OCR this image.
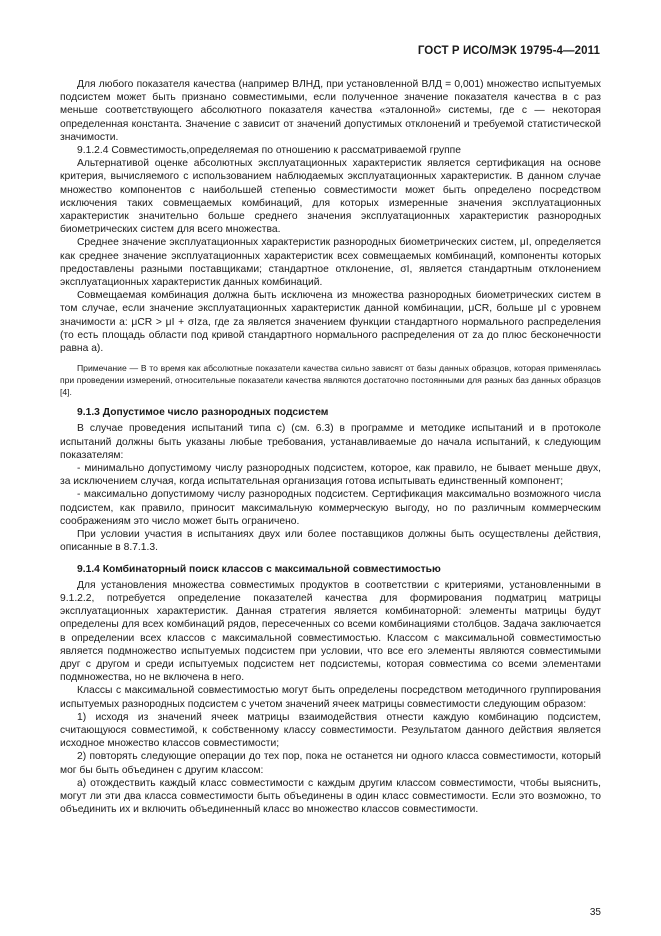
ГОСТ Р ИСО/МЭК 19795-4—2011

Для любого показателя качества (например ВЛНД, при установленной ВЛД = 0,001) множество испытуемых подсистем может быть признано совместимыми, если полученное значение показателя качества в c раз меньше соответствующего абсолютного показателя качества «эталонной» системы, где c — некоторая определенная константа. Значение c зависит от значений допустимых отклонений и требуемой статистической значимости.

9.1.2.4 Совместимость,определяемая по отношению к рассматриваемой группе

Альтернативой оценке абсолютных эксплуатационных характеристик является сертификация на основе критерия, вычисляемого с использованием наблюдаемых эксплуатационных характеристик. В данном случае множество компонентов с наибольшей степенью совместимости может быть определено посредством исключения таких совмещаемых комбинаций, для которых измеренные значения эксплуатационных характеристик значительно больше среднего значения эксплуатационных характеристик разнородных биометрических систем для всего множества.

Среднее значение эксплуатационных характеристик разнородных биометрических систем, μI, определяется как среднее значение эксплуатационных характеристик всех совмещаемых комбинаций, компоненты которых предоставлены разными поставщиками; стандартное отклонение, σI, является стандартным отклонением эксплуатационных характеристик данных комбинаций.

Совмещаемая комбинация должна быть исключена из множества разнородных биометрических систем в том случае, если значение эксплуатационных характеристик данной комбинации, μCR, больше μI с уровнем значимости a: μCR > μI + σIza, где za является значением функции стандартного нормального распределения (то есть площадь области под кривой стандартного нормального распределения от za до плюс бесконечности равна a).

Примечание — В то время как абсолютные показатели качества сильно зависят от базы данных образцов, которая применялась при проведении измерений, относительные показатели качества являются достаточно постоянными для разных баз данных образцов [4].

9.1.3 Допустимое число разнородных подсистем

В случае проведения испытаний типа c) (см. 6.3) в программе и методике испытаний и в протоколе испытаний должны быть указаны любые требования, устанавливаемые до начала испытаний, к следующим показателям:

- минимально допустимому числу разнородных подсистем, которое, как правило, не бывает меньше двух, за исключением случая, когда испытательная организация готова испытывать единственный компонент;

- максимально допустимому числу разнородных подсистем. Сертификация максимально возможного числа подсистем, как правило, приносит максимальную коммерческую выгоду, но по различным коммерческим соображениям это число может быть ограничено.

При условии участия в испытаниях двух или более поставщиков должны быть осуществлены действия, описанные в 8.7.1.3.

9.1.4 Комбинаторный поиск классов с максимальной совместимостью

Для установления множества совместимых продуктов в соответствии с критериями, установленными в 9.1.2.2, потребуется определение показателей качества для формирования подматриц матрицы эксплуатационных характеристик. Данная стратегия является комбинаторной: элементы матрицы будут определены для всех комбинаций рядов, пересеченных со всеми комбинациями столбцов. Задача заключается в определении всех классов с максимальной совместимостью. Классом с максимальной совместимостью является подмножество испытуемых подсистем при условии, что все его элементы являются совместимыми друг с другом и среди испытуемых подсистем нет подсистемы, которая совместима со всеми элементами подмножества, но не включена в него.

Классы с максимальной совместимостью могут быть определены посредством методичного группирования испытуемых разнородных подсистем с учетом значений ячеек матрицы совместимости следующим образом:

1) исходя из значений ячеек матрицы взаимодействия отнести каждую комбинацию подсистем, считающуюся совместимой, к собственному классу совместимости. Результатом данного действия является исходное множество классов совместимости;

2) повторять следующие операции до тех пор, пока не останется ни одного класса совместимости, который мог бы быть объединен с другим классом:

а) отождествить каждый класс совместимости с каждым другим классом совместимости, чтобы выяснить, могут ли эти два класса совместимости быть объединены в один класс совместимости. Если это возможно, то объединить их и включить объединенный класс во множество классов совместимости.

35
